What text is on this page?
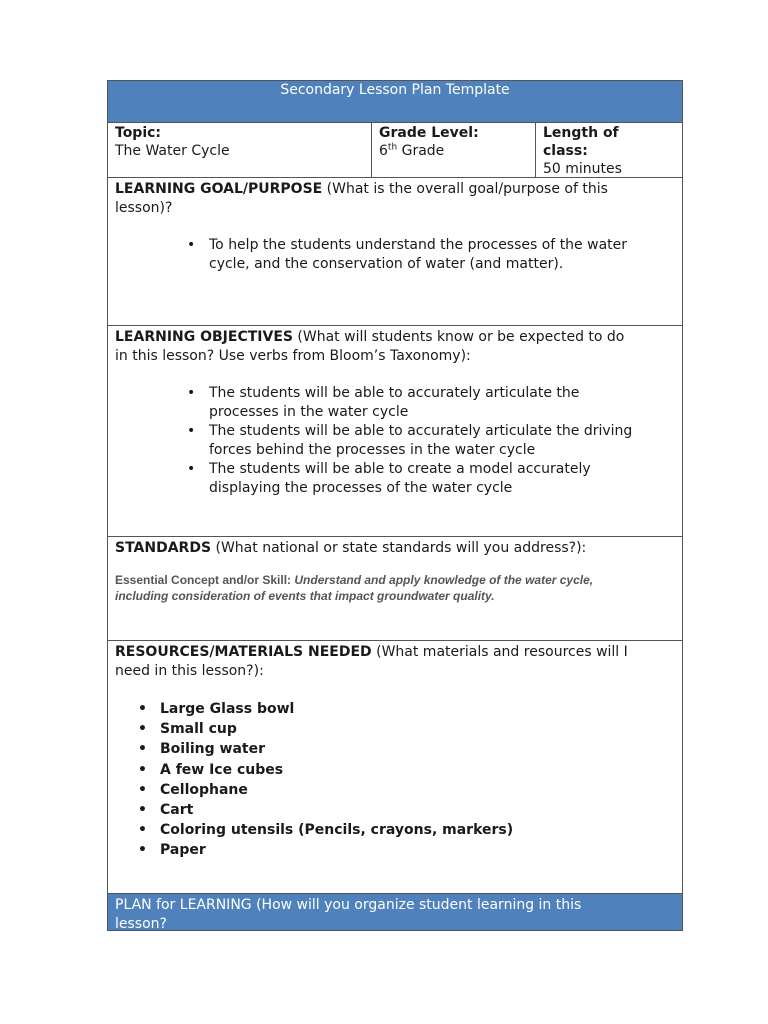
Secondary Lesson Plan Template
Topic:
The Water Cycle
Grade Level:
6th Grade
Length of
class:
50 minutes
LEARNING GOAL/PURPOSE (What is the overall goal/purpose of this
lesson)?
• To help the students understand the processes of the water
cycle, and the conservation of water (and matter).
LEARNING OBJECTIVES (What will students know or be expected to do
in this lesson? Use verbs from Bloom’s Taxonomy):
• The students will be able to accurately articulate the
processes in the water cycle
• The students will be able to accurately articulate the driving
forces behind the processes in the water cycle
• The students will be able to create a model accurately
displaying the processes of the water cycle
STANDARDS (What national or state standards will you address?):
Essential Concept and/or Skill: Understand and apply knowledge of the water cycle,
including consideration of events that impact groundwater quality.
RESOURCES/MATERIALS NEEDED (What materials and resources will I
need in this lesson?):
• Large Glass bowl
• Small cup
• Boiling water
• A few Ice cubes
• Cellophane
• Cart
• Coloring utensils (Pencils, crayons, markers)
• Paper
PLAN for LEARNING (How will you organize student learning in this
lesson?
